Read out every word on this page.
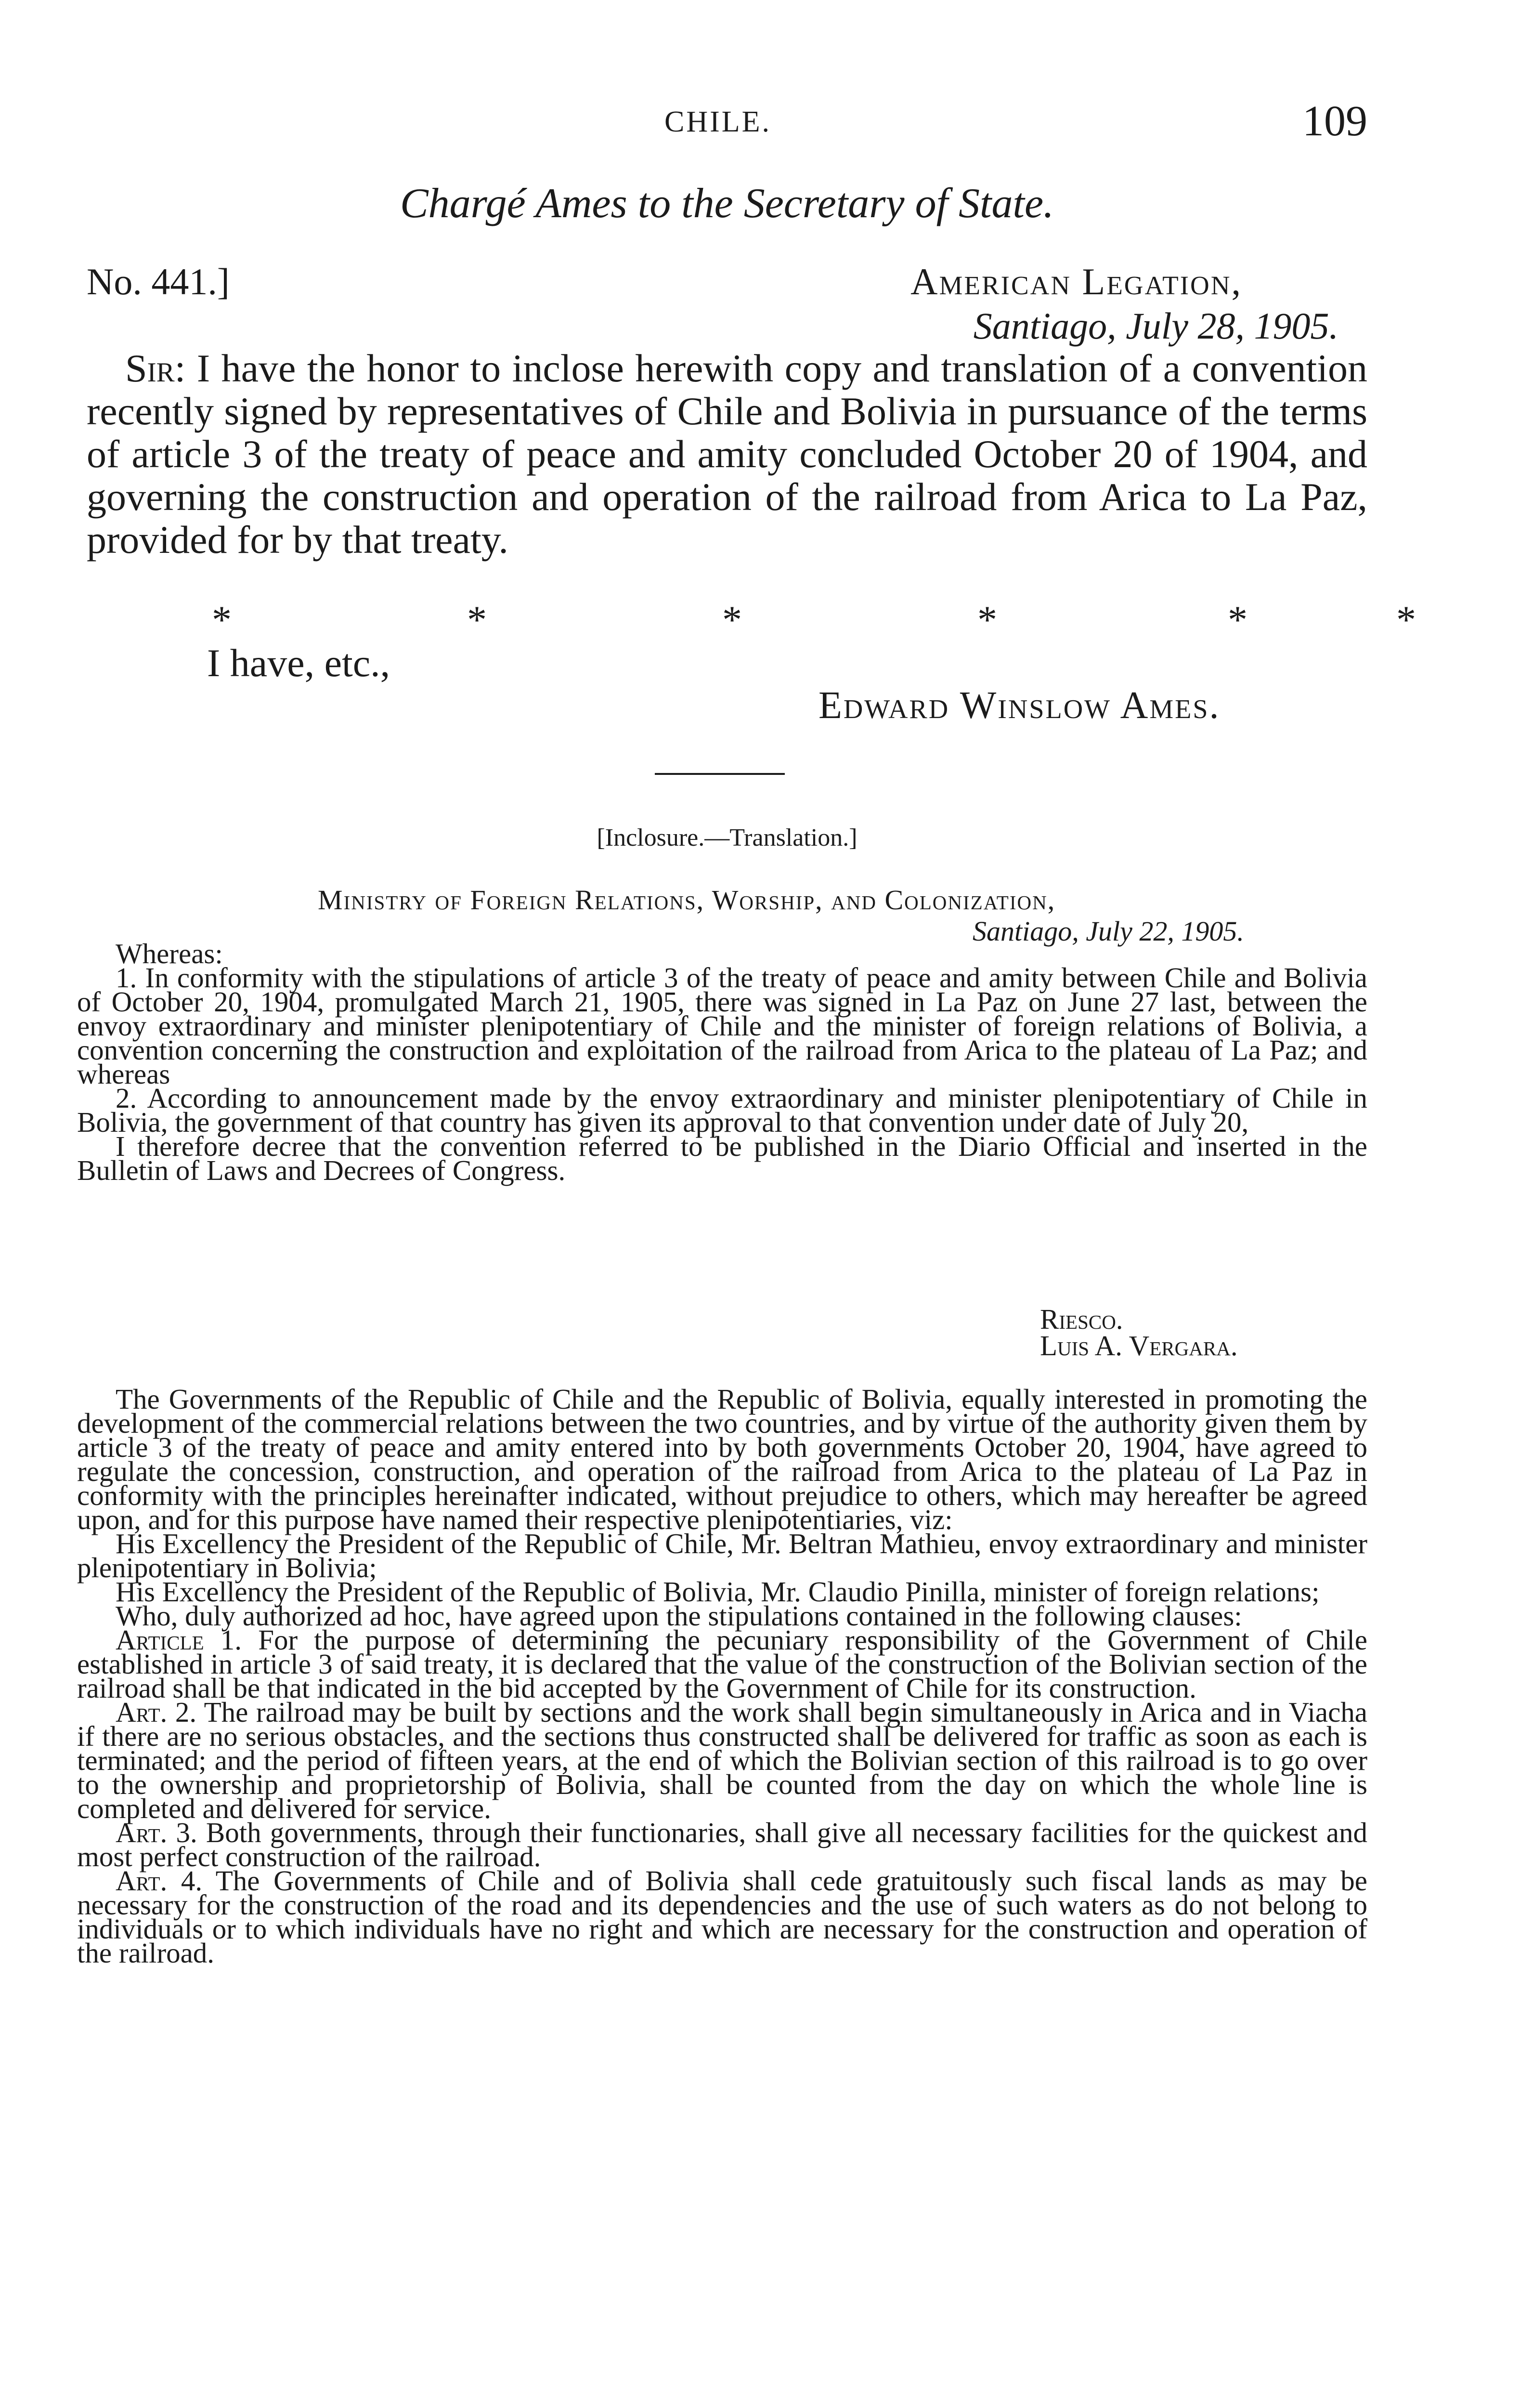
CHILE.	109
Chargé Ames to the Secretary of State.
No. 441.]	American Legation,
Santiago, July 28, 1905.

Sir: I have the honor to inclose herewith copy and translation of a convention recently signed by representatives of Chile and Bolivia in pursuance of the terms of article 3 of the treaty of peace and amity concluded October 20 of 1904, and governing the construction and operation of the railroad from Arica to La Paz, provided for by that treaty.

*	*	*	*	*	*
I have, etc.,
Edward Winslow Ames.
[Inclosure.—Translation.]
Ministry of Foreign Relations, Worship, and Colonization,
Santiago, July 22, 1905.

Whereas:

1. In conformity with the stipulations of article 3 of the treaty of peace and amity between Chile and Bolivia of October 20, 1904, promulgated March 21, 1905, there was signed in La Paz on June 27 last, between the envoy extraordinary and minister plenipotentiary of Chile and the minister of foreign relations of Bolivia, a convention concerning the construction and exploitation of the railroad from Arica to the plateau of La Paz; and whereas

2. According to announcement made by the envoy extraordinary and minister plenipotentiary of Chile in Bolivia, the government of that country has given its approval to that convention under date of July 20,

I therefore decree that the convention referred to be published in the Diario Official and inserted in the Bulletin of Laws and Decrees of Congress.

Riesco.
Luis A. Vergara.

The Governments of the Republic of Chile and the Republic of Bolivia, equally interested in promoting the development of the commercial relations between the two countries, and by virtue of the authority given them by article 3 of the treaty of peace and amity entered into by both governments October 20, 1904, have agreed to regulate the concession, construction, and operation of the railroad from Arica to the plateau of La Paz in conformity with the principles hereinafter indicated, without prejudice to others, which may hereafter be agreed upon, and for this purpose have named their respective plenipotentiaries, viz:

His Excellency the President of the Republic of Chile, Mr. Beltran Mathieu, envoy extraordinary and minister plenipotentiary in Bolivia;

His Excellency the President of the Republic of Bolivia, Mr. Claudio Pinilla, minister of foreign relations;

Who, duly authorized ad hoc, have agreed upon the stipulations contained in the following clauses:

Article 1. For the purpose of determining the pecuniary responsibility of the Government of Chile established in article 3 of said treaty, it is declared that the value of the construction of the Bolivian section of the railroad shall be that indicated in the bid accepted by the Government of Chile for its construction.

Art. 2. The railroad may be built by sections and the work shall begin simultaneously in Arica and in Viacha if there are no serious obstacles, and the sections thus constructed shall be delivered for traffic as soon as each is terminated; and the period of fifteen years, at the end of which the Bolivian section of this railroad is to go over to the ownership and proprietorship of Bolivia, shall be counted from the day on which the whole line is completed and delivered for service.

Art. 3. Both governments, through their functionaries, shall give all necessary facilities for the quickest and most perfect construction of the railroad.

Art. 4. The Governments of Chile and of Bolivia shall cede gratuitously such fiscal lands as may be necessary for the construction of the road and its dependencies and the use of such waters as do not belong to individuals or to which individuals have no right and which are necessary for the construction and operation of the railroad.
